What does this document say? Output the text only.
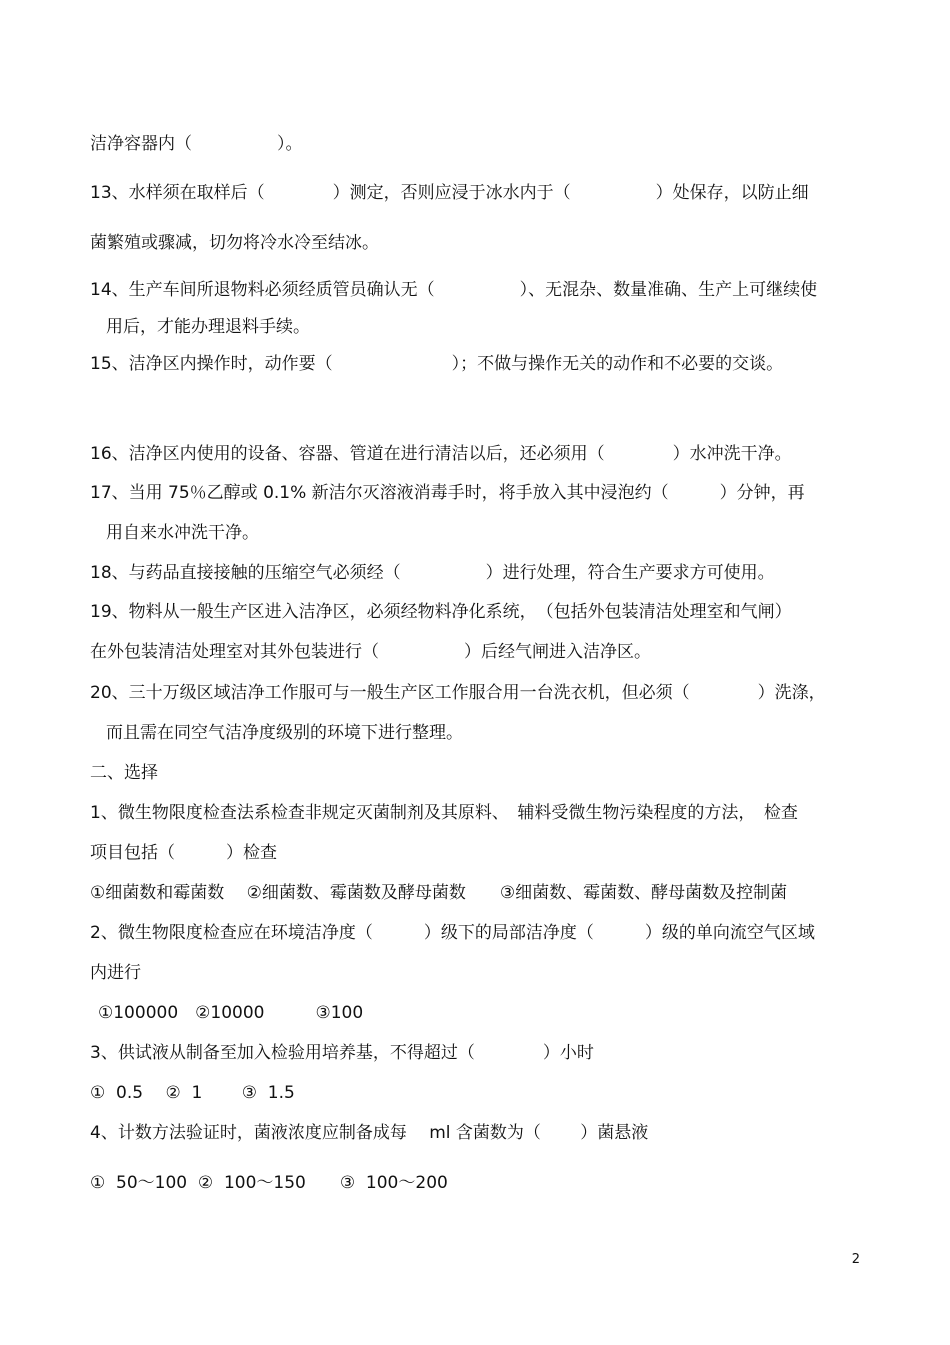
洁净容器内（　　　　　）。
13、水样须在取样后（　　　　）测定，否则应浸于冰水内于（　　　　　）处保存，以防止细
菌繁殖或骤减，切勿将冷水冷至结冰。
14、生产车间所退物料必须经质管员确认无（　　　　　）、无混杂、数量准确、生产上可继续使
用后，才能办理退料手续。
15、洁净区内操作时，动作要（　　　　　　　）；不做与操作无关的动作和不必要的交谈。
16、洁净区内使用的设备、容器、管道在进行清洁以后，还必须用（　　　　）水冲洗干净。
17、当用 75％乙醇或 0.1% 新洁尔灭溶液消毒手时，将手放入其中浸泡约（　　　）分钟，再
用自来水冲洗干净。
18、与药品直接接触的压缩空气必须经（　　　　　）进行处理，符合生产要求方可使用。
19、物料从一般生产区进入洁净区，必须经物料净化系统，　（包括外包装清洁处理室和气闸）
在外包装清洁处理室对其外包装进行（　　　　　）后经气闸进入洁净区。
20、三十万级区域洁净工作服可与一般生产区工作服合用一台洗衣机，但必须（　　　　）洗涤，
而且需在同空气洁净度级别的环境下进行整理。
二、选择
1、微生物限度检查法系检查非规定灭菌制剂及其原料、　辅料受微生物污染程度的方法，　检查
项目包括（　　　）检查
①细菌数和霉菌数　 ②细菌数、霉菌数及酵母菌数　　③细菌数、霉菌数、酵母菌数及控制菌
2、微生物限度检查应在环境洁净度（　　　）级下的局部洁净度（　　　）级的单向流空气区域
内进行
①100000　②10000　　　③100
3、供试液从制备至加入检验用培养基，不得超过（　　　　）小时
①  0.5　 ②  1　　 ③  1.5
4、计数方法验证时，菌液浓度应制备成每　 ml 含菌数为（　　 ）菌悬液
①  50～100  ②  100～150　　③  100～200
2
